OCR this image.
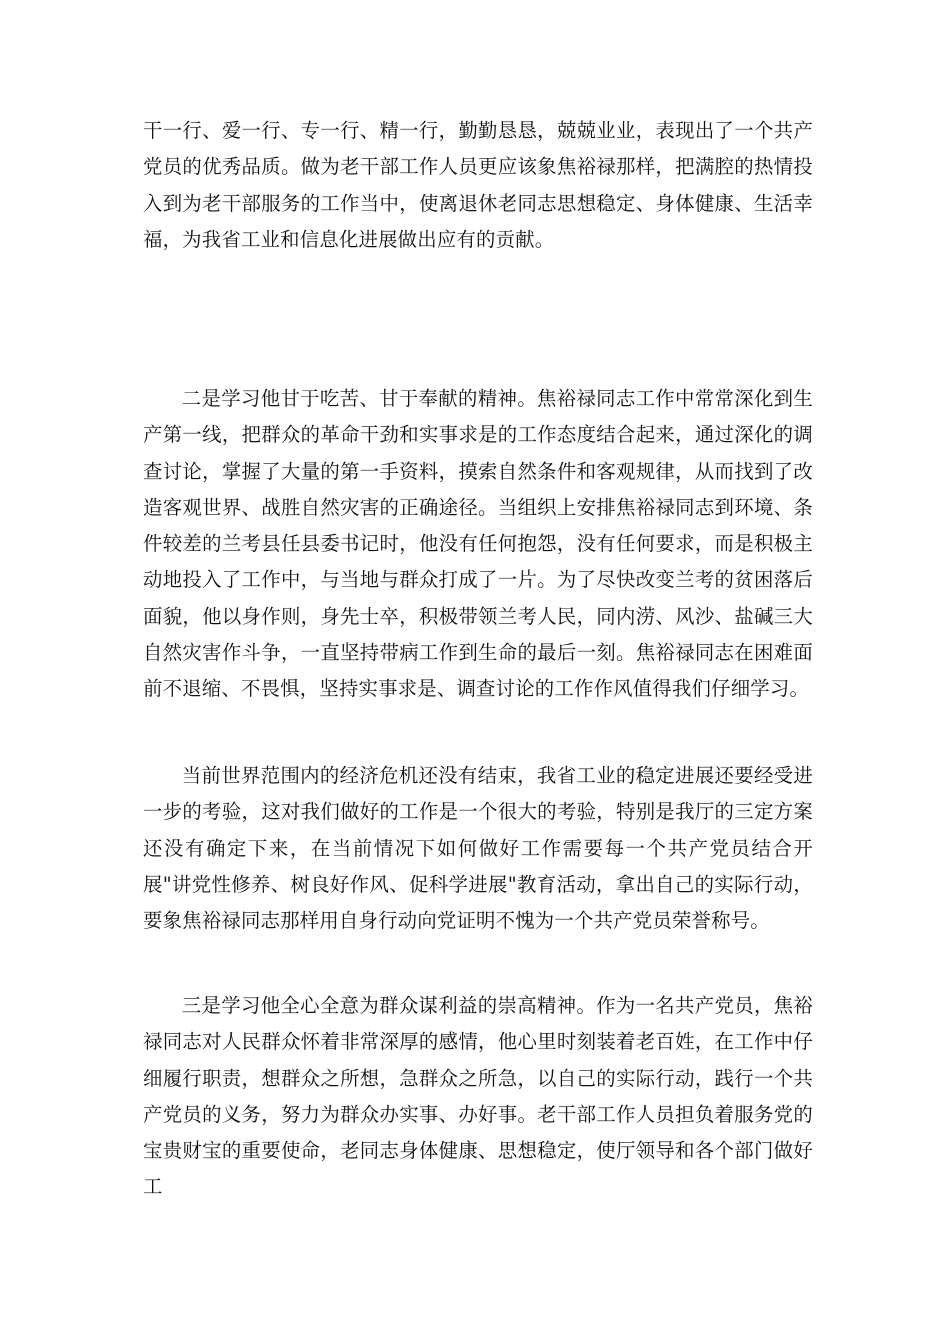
干一行、爱一行、专一行、精一行，勤勤恳恳，兢兢业业，表现出了一个共产党员的优秀品质。做为老干部工作人员更应该象焦裕禄那样，把满腔的热情投入到为老干部服务的工作当中，使离退休老同志思想稳定、身体健康、生活幸福，为我省工业和信息化进展做出应有的贡献。

二是学习他甘于吃苦、甘于奉献的精神。焦裕禄同志工作中常常深化到生产第一线，把群众的革命干劲和实事求是的工作态度结合起来，通过深化的调查讨论，掌握了大量的第一手资料，摸索自然条件和客观规律，从而找到了改造客观世界、战胜自然灾害的正确途径。当组织上安排焦裕禄同志到环境、条件较差的兰考县任县委书记时，他没有任何抱怨，没有任何要求，而是积极主动地投入了工作中，与当地与群众打成了一片。为了尽快改变兰考的贫困落后面貌，他以身作则，身先士卒，积极带领兰考人民，同内涝、风沙、盐碱三大自然灾害作斗争，一直坚持带病工作到生命的最后一刻。焦裕禄同志在困难面前不退缩、不畏惧，坚持实事求是、调查讨论的工作作风值得我们仔细学习。

当前世界范围内的经济危机还没有结束，我省工业的稳定进展还要经受进一步的考验，这对我们做好的工作是一个很大的考验，特别是我厅的三定方案还没有确定下来，在当前情况下如何做好工作需要每一个共产党员结合开展"讲党性修养、树良好作风、促科学进展"教育活动，拿出自己的实际行动，要象焦裕禄同志那样用自身行动向党证明不愧为一个共产党员荣誉称号。

三是学习他全心全意为群众谋利益的崇高精神。作为一名共产党员，焦裕禄同志对人民群众怀着非常深厚的感情，他心里时刻装着老百姓，在工作中仔细履行职责，想群众之所想，急群众之所急，以自己的实际行动，践行一个共产党员的义务，努力为群众办实事、办好事。老干部工作人员担负着服务党的宝贵财宝的重要使命，老同志身体健康、思想稳定，使厅领导和各个部门做好工
